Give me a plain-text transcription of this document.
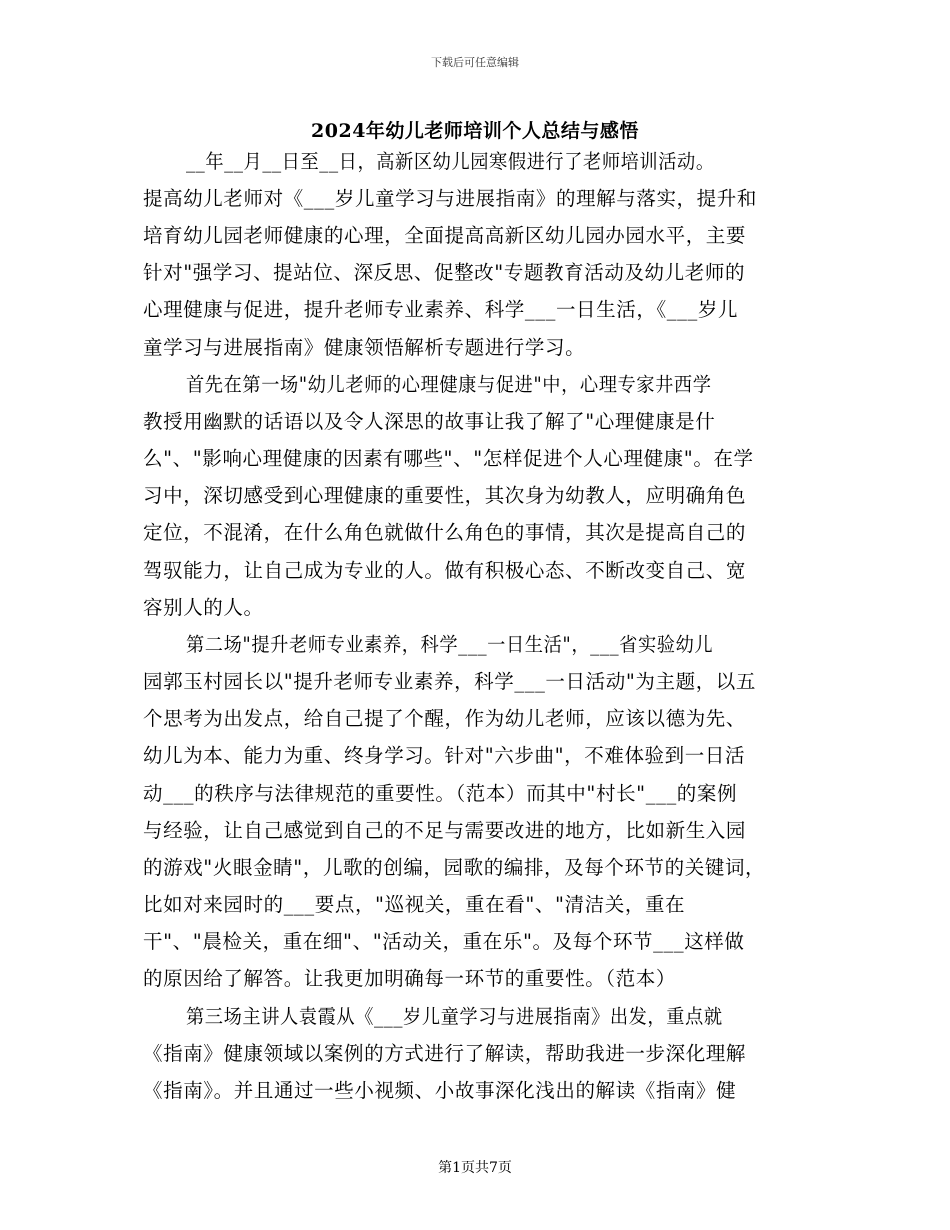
下载后可任意编辑
2024年幼儿老师培训个人总结与感悟
__年__月__日至__日，高新区幼儿园寒假进行了老师培训活动。
提高幼儿老师对《___岁儿童学习与进展指南》的理解与落实，提升和
培育幼儿园老师健康的心理，全面提高高新区幼儿园办园水平，主要
针对"强学习、提站位、深反思、促整改"专题教育活动及幼儿老师的
心理健康与促进，提升老师专业素养、科学___一日生活，《___岁儿
童学习与进展指南》健康领悟解析专题进行学习。
首先在第一场"幼儿老师的心理健康与促进"中，心理专家井西学
教授用幽默的话语以及令人深思的故事让我了解了"心理健康是什
么"、"影响心理健康的因素有哪些"、"怎样促进个人心理健康"。在学
习中，深切感受到心理健康的重要性，其次身为幼教人，应明确角色
定位，不混淆，在什么角色就做什么角色的事情，其次是提高自己的
驾驭能力，让自己成为专业的人。做有积极心态、不断改变自己、宽
容别人的人。
第二场"提升老师专业素养，科学___一日生活"，___省实验幼儿
园郭玉村园长以"提升老师专业素养，科学___一日活动"为主题，以五
个思考为出发点，给自己提了个醒，作为幼儿老师，应该以德为先、
幼儿为本、能力为重、终身学习。针对"六步曲"，不难体验到一日活
动___的秩序与法律规范的重要性。（范本）而其中"村长"___的案例
与经验，让自己感觉到自己的不足与需要改进的地方，比如新生入园
的游戏"火眼金睛"，儿歌的创编，园歌的编排，及每个环节的关键词，
比如对来园时的___要点，"巡视关，重在看"、"清洁关，重在
干"、"晨检关，重在细"、"活动关，重在乐"。及每个环节___这样做
的原因给了解答。让我更加明确每一环节的重要性。（范本）
第三场主讲人袁霞从《___岁儿童学习与进展指南》出发，重点就
《指南》健康领域以案例的方式进行了解读，帮助我进一步深化理解
《指南》。并且通过一些小视频、小故事深化浅出的解读《指南》健
第1页共7页
